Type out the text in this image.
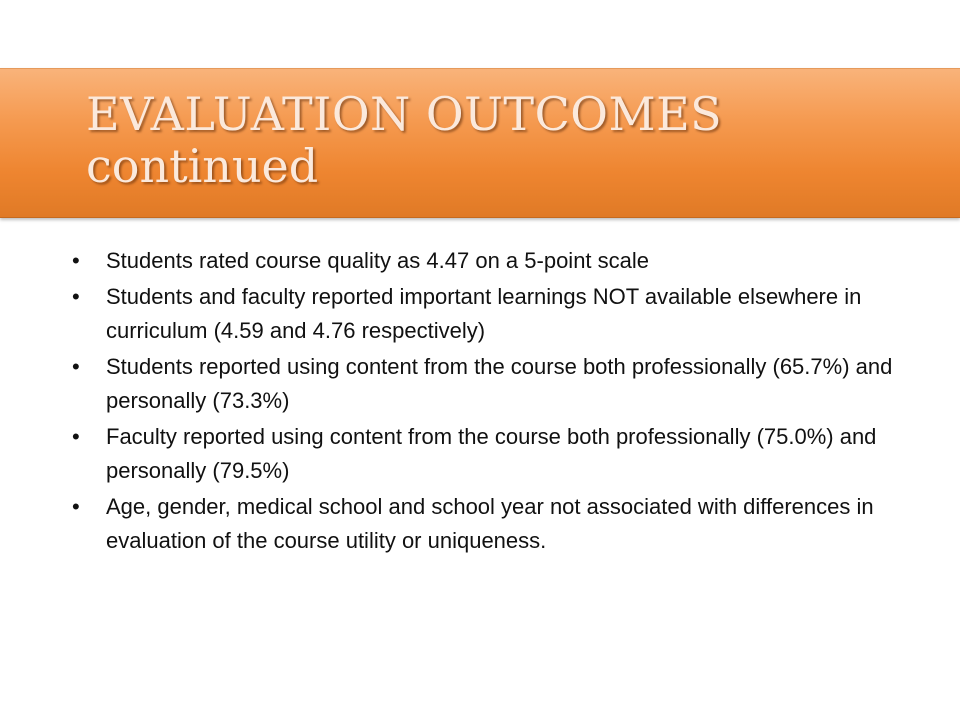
EVALUATION OUTCOMES
continued
•	Students rated course quality as 4.47 on a 5-point scale
•	Students and faculty reported important learnings NOT available elsewhere in curriculum (4.59 and 4.76 respectively)
•	Students reported using content from the course both professionally (65.7%) and personally (73.3%)
•	Faculty reported using content from the course both professionally (75.0%) and personally (79.5%)
•	Age, gender, medical school and school year not associated with differences in evaluation of the course utility or uniqueness.
